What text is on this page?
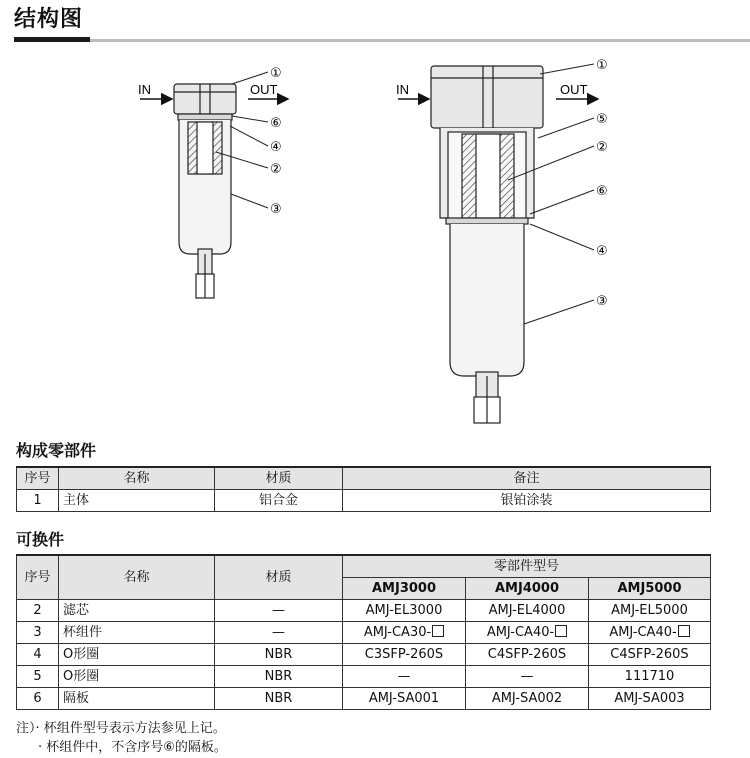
结构图
IN	OUT
①
⑥
④
②
③
IN	OUT
①
⑤
②
⑥
④
③
构成零部件
序号	名称	材质	备注
1	主体	铝合金	银铂涂装
可换件
序号	名称	材质	零部件型号		
			AMJ3000	AMJ4000	AMJ5000
2	滤芯	—	AMJ-EL3000	AMJ-EL4000	AMJ-EL5000
3	杯组件	—	AMJ-CA30-	AMJ-CA40-	AMJ-CA40-
4	O形圈	NBR	C3SFP-260S	C4SFP-260S	C4SFP-260S
5	O形圈	NBR	—	—	111710
6	隔板	NBR	AMJ-SA001	AMJ-SA002	AMJ-SA003
注）· 杯组件型号表示方法参见上记。
· 杯组件中，不含序号⑥的隔板。
